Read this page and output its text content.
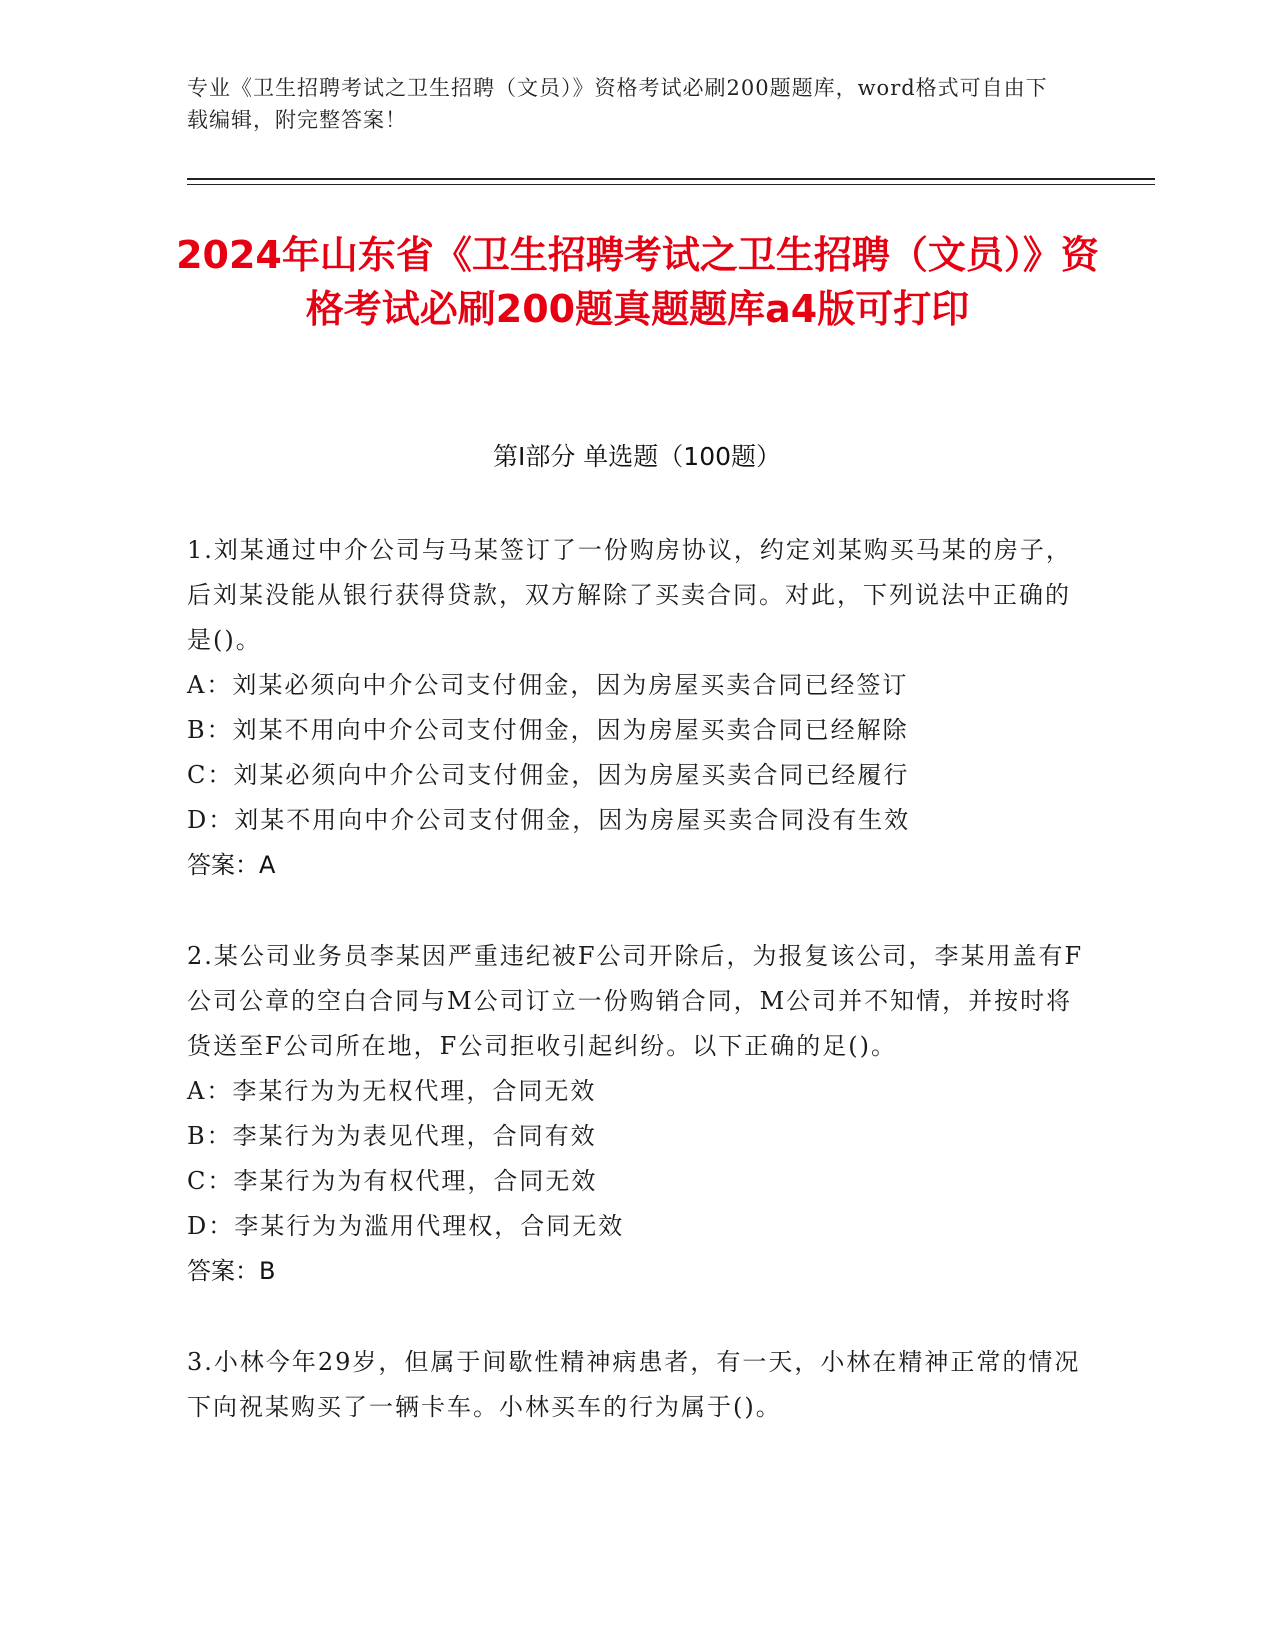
专业《卫生招聘考试之卫生招聘（文员）》资格考试必刷200题题库，word格式可自由下载编辑，附完整答案！
2024年山东省《卫生招聘考试之卫生招聘（文员）》资格考试必刷200题真题题库a4版可打印
第I部分 单选题（100题）
1.刘某通过中介公司与马某签订了一份购房协议，约定刘某购买马某的房子，后刘某没能从银行获得贷款，双方解除了买卖合同。对此，下列说法中正确的是()。
A：刘某必须向中介公司支付佣金，因为房屋买卖合同已经签订
B：刘某不用向中介公司支付佣金，因为房屋买卖合同已经解除
C：刘某必须向中介公司支付佣金，因为房屋买卖合同已经履行
D：刘某不用向中介公司支付佣金，因为房屋买卖合同没有生效
答案：A
2.某公司业务员李某因严重违纪被F公司开除后，为报复该公司，李某用盖有F公司公章的空白合同与M公司订立一份购销合同，M公司并不知情，并按时将货送至F公司所在地，F公司拒收引起纠纷。以下正确的足()。
A：李某行为为无权代理，合同无效
B：李某行为为表见代理，合同有效
C：李某行为为有权代理，合同无效
D：李某行为为滥用代理权，合同无效
答案：B
3.小林今年29岁，但属于间歇性精神病患者，有一天，小林在精神正常的情况下向祝某购买了一辆卡车。小林买车的行为属于()。
